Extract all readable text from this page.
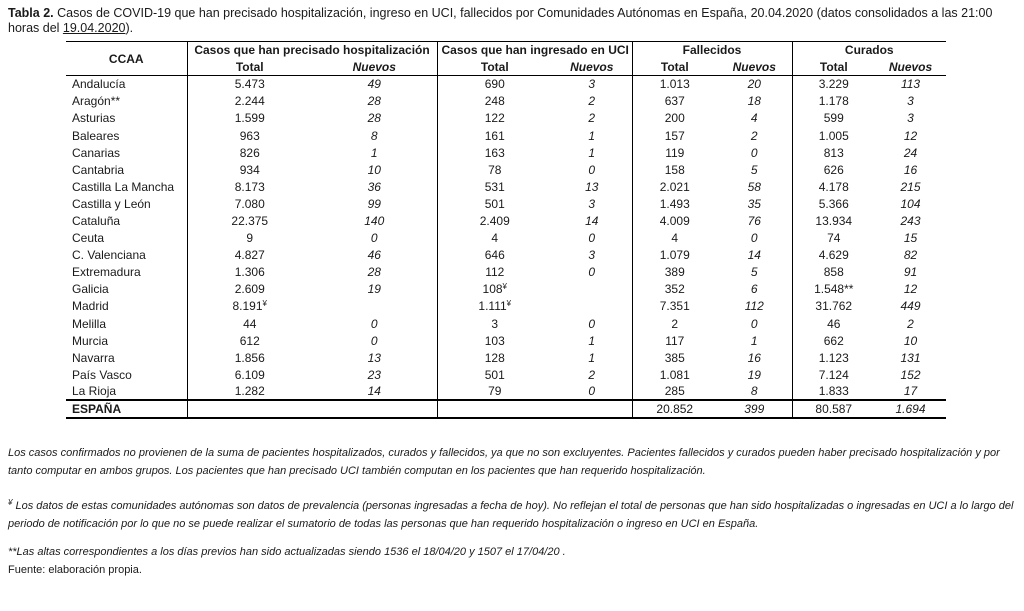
Tabla 2. Casos de COVID-19 que han precisado hospitalización, ingreso en UCI, fallecidos por Comunidades Autónomas en España, 20.04.2020 (datos consolidados a las 21:00 horas del 19.04.2020).
CCAA	Casos que han precisado hospitalización		Casos que han ingresado en UCI		Fallecidos		Curados	
	Total	Nuevos	Total	Nuevos	Total	Nuevos	Total	Nuevos
Andalucía	5.473	49	690	3	1.013	20	3.229	113
Aragón**	2.244	28	248	2	637	18	1.178	3
Asturias	1.599	28	122	2	200	4	599	3
Baleares	963	8	161	1	157	2	1.005	12
Canarias	826	1	163	1	119	0	813	24
Cantabria	934	10	78	0	158	5	626	16
Castilla La Mancha	8.173	36	531	13	2.021	58	4.178	215
Castilla y León	7.080	99	501	3	1.493	35	5.366	104
Cataluña	22.375	140	2.409	14	4.009	76	13.934	243
Ceuta	9	0	4	0	4	0	74	15
C. Valenciana	4.827	46	646	3	1.079	14	4.629	82
Extremadura	1.306	28	112	0	389	5	858	91
Galicia	2.609	19	108¥		352	6	1.548**	12
Madrid	8.191¥		1.111¥		7.351	112	31.762	449
Melilla	44	0	3	0	2	0	46	2
Murcia	612	0	103	1	117	1	662	10
Navarra	1.856	13	128	1	385	16	1.123	131
País Vasco	6.109	23	501	2	1.081	19	7.124	152
La Rioja	1.282	14	79	0	285	8	1.833	17
ESPAÑA					20.852	399	80.587	1.694
Los casos confirmados no provienen de la suma de pacientes hospitalizados, curados y fallecidos, ya que no son excluyentes. Pacientes fallecidos y curados pueden haber precisado hospitalización y por tanto computar en ambos grupos. Los pacientes que han precisado UCI también computan en los pacientes que han requerido hospitalización.
¥ Los datos de estas comunidades autónomas son datos de prevalencia (personas ingresadas a fecha de hoy). No reflejan el total de personas que han sido hospitalizadas o ingresadas en UCI a lo largo del periodo de notificación por lo que no se puede realizar el sumatorio de todas las personas que han requerido hospitalización o ingreso en UCI en España.
**Las altas correspondientes a los días previos han sido actualizadas siendo 1536 el 18/04/20 y 1507 el 17/04/20 .
Fuente: elaboración propia.
